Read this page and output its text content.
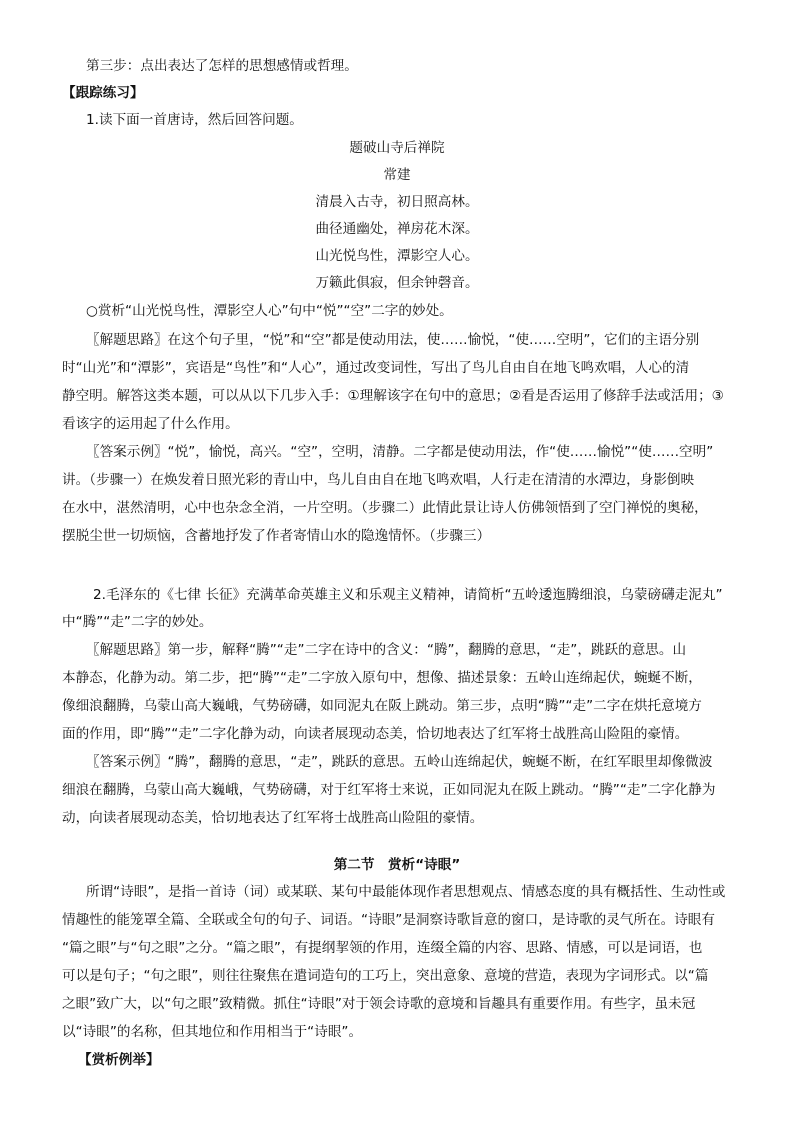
第三步：点出表达了怎样的思想感情或哲理。
【跟踪练习】
1.读下面一首唐诗，然后回答问题。
题破山寺后禅院
常建
清晨入古寺，初日照高林。
曲径通幽处，禅房花木深。
山光悦鸟性，潭影空人心。
万籁此俱寂，但余钟磬音。
○赏析“山光悦鸟性，潭影空人心”句中“悦”“空”二字的妙处。
〖解题思路〗在这个句子里，“悦”和“空”都是使动用法，使……愉悦，“使……空明”，它们的主语分别
时“山光”和“潭影”，宾语是“鸟性”和“人心”，通过改变词性，写出了鸟儿自由自在地飞鸣欢唱，人心的清
静空明。解答这类本题，可以从以下几步入手：①理解该字在句中的意思；②看是否运用了修辞手法或活用；③
看该字的运用起了什么作用。
〖答案示例〗“悦”，愉悦，高兴。“空”，空明，清静。二字都是使动用法，作“使……愉悦”“使……空明”
讲。（步骤一）在焕发着日照光彩的青山中，鸟儿自由自在地飞鸣欢唱，人行走在清清的水潭边，身影倒映
在水中，湛然清明，心中也杂念全消，一片空明。（步骤二）此情此景让诗人仿佛领悟到了空门禅悦的奥秘，
摆脱尘世一切烦恼，含蓄地抒发了作者寄情山水的隐逸情怀。（步骤三）
2.毛泽东的《七律 长征》充满革命英雄主义和乐观主义精神，请简析“五岭逶迤腾细浪，乌蒙磅礴走泥丸”
中“腾”“走”二字的妙处。
〖解题思路〗第一步，解释“腾”“走”二字在诗中的含义：“腾”，翻腾的意思，“走”，跳跃的意思。山
本静态，化静为动。第二步，把“腾”“走”二字放入原句中，想像、描述景象：五岭山连绵起伏，蜿蜒不断，
像细浪翻腾，乌蒙山高大巍峨，气势磅礴，如同泥丸在阪上跳动。第三步，点明“腾”“走”二字在烘托意境方
面的作用，即“腾”“走”二字化静为动，向读者展现动态美，恰切地表达了红军将士战胜高山险阻的豪情。
〖答案示例〗“腾”，翻腾的意思，“走”，跳跃的意思。五岭山连绵起伏，蜿蜒不断，在红军眼里却像微波
细浪在翻腾，乌蒙山高大巍峨，气势磅礴，对于红军将士来说，正如同泥丸在阪上跳动。“腾”“走”二字化静为
动，向读者展现动态美，恰切地表达了红军将士战胜高山险阻的豪情。
第二节　赏析“诗眼”
所谓“诗眼”，是指一首诗（词）或某联、某句中最能体现作者思想观点、情感态度的具有概括性、生动性或
情趣性的能笼罩全篇、全联或全句的句子、词语。“诗眼”是洞察诗歌旨意的窗口，是诗歌的灵气所在。诗眼有
“篇之眼”与“句之眼”之分。“篇之眼”，有提纲挈领的作用，连缀全篇的内容、思路、情感，可以是词语，也
可以是句子；“句之眼”，则往往聚焦在遣词造句的工巧上，突出意象、意境的营造，表现为字词形式。以“篇
之眼”致广大，以“句之眼”致精微。抓住“诗眼”对于领会诗歌的意境和旨趣具有重要作用。有些字，虽未冠
以“诗眼”的名称，但其地位和作用相当于“诗眼”。
【赏析例举】
